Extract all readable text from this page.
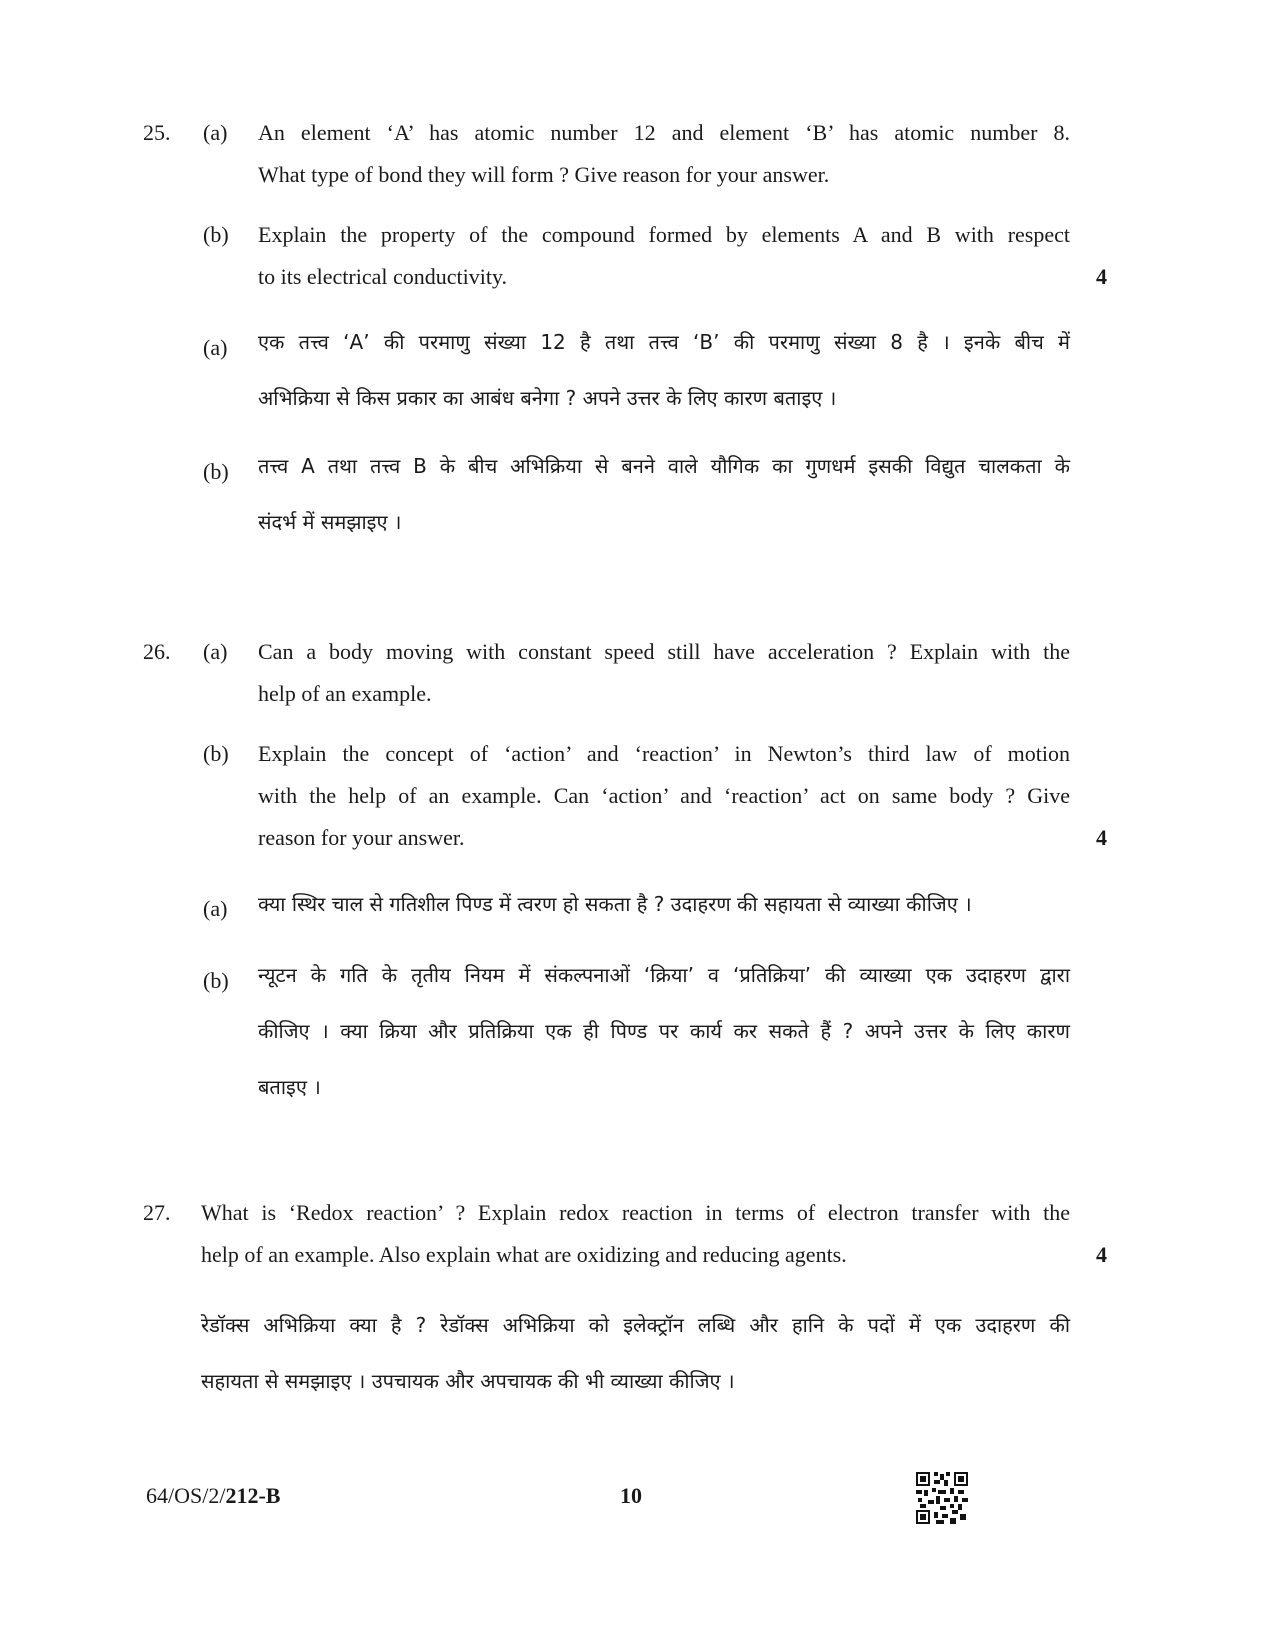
25. (a) An element ‘A’ has atomic number 12 and element ‘B’ has atomic number 8.
What type of bond they will form ? Give reason for your answer.
(b) Explain the property of the compound formed by elements A and B with respect
to its electrical conductivity.	4
(a) एक तत्त्व ‘A’ की परमाणु संख्या 12 है तथा तत्त्व ‘B’ की परमाणु संख्या 8 है । इनके बीच में
अभिक्रिया से किस प्रकार का आबंध बनेगा ? अपने उत्तर के लिए कारण बताइए ।
(b) तत्त्व A तथा तत्त्व B के बीच अभिक्रिया से बनने वाले यौगिक का गुणधर्म इसकी विद्युत चालकता के
संदर्भ में समझाइए ।
26. (a) Can a body moving with constant speed still have acceleration ? Explain with the
help of an example.
(b) Explain the concept of ‘action’ and ‘reaction’ in Newton’s third law of motion
with the help of an example. Can ‘action’ and ‘reaction’ act on same body ? Give
reason for your answer.	4
(a) क्या स्थिर चाल से गतिशील पिण्ड में त्वरण हो सकता है ? उदाहरण की सहायता से व्याख्या कीजिए ।
(b) न्यूटन के गति के तृतीय नियम में संकल्पनाओं ‘क्रिया’ व ‘प्रतिक्रिया’ की व्याख्या एक उदाहरण द्वारा
कीजिए । क्या क्रिया और प्रतिक्रिया एक ही पिण्ड पर कार्य कर सकते हैं ? अपने उत्तर के लिए कारण
बताइए ।
27. What is ‘Redox reaction’ ? Explain redox reaction in terms of electron transfer with the
help of an example. Also explain what are oxidizing and reducing agents.	4
रेडॉक्स अभिक्रिया क्या है ? रेडॉक्स अभिक्रिया को इलेक्ट्रॉन लब्धि और हानि के पदों में एक उदाहरण की
सहायता से समझाइए । उपचायक और अपचायक की भी व्याख्या कीजिए ।
64/OS/2/212-B	10
